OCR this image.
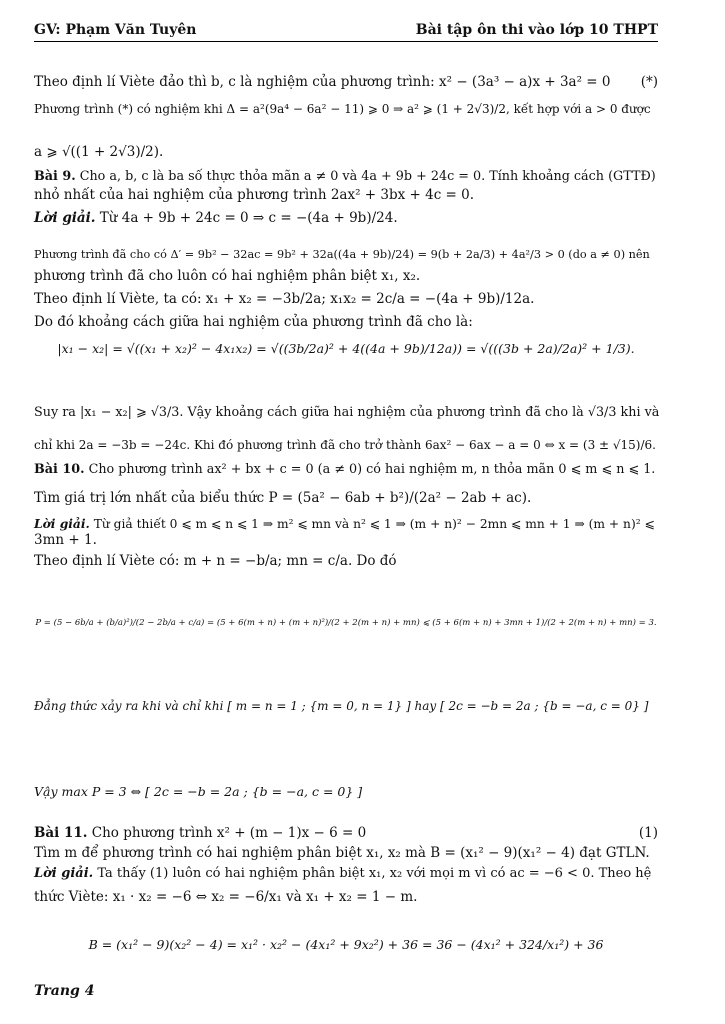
GV: Phạm Văn Tuyên	Bài tập ôn thi vào lớp 10 THPT
Theo định lí Viète đảo thì b, c là nghiệm của phương trình: x² − (3a³ − a)x + 3a² = 0 (*)
Phương trình (*) có nghiệm khi Δ = a²(9a⁴ − 6a² − 11) ⩾ 0 ⇒ a² ⩾ (1 + 2√3)/2, kết hợp với a > 0 được
a ⩾ √((1 + 2√3)/2).
Bài 9. Cho a, b, c là ba số thực thỏa mãn a ≠ 0 và 4a + 9b + 24c = 0. Tính khoảng cách (GTTĐ)
nhỏ nhất của hai nghiệm của phương trình 2ax² + 3bx + 4c = 0.
Lời giải. Từ 4a + 9b + 24c = 0 ⇒ c = −(4a + 9b)/24.
Phương trình đã cho có Δ′ = 9b² − 32ac = 9b² + 32a((4a + 9b)/24) = 9(b + 2a/3) + 4a²/3 > 0 (do a ≠ 0) nên
phương trình đã cho luôn có hai nghiệm phân biệt x₁, x₂.
Theo định lí Viète, ta có: x₁ + x₂ = −3b/2a; x₁x₂ = 2c/a = −(4a + 9b)/12a.
Do đó khoảng cách giữa hai nghiệm của phương trình đã cho là:
|x₁ − x₂| = √((x₁ + x₂)² − 4x₁x₂) = √((3b/2a)² + 4((4a + 9b)/12a)) = √(((3b + 2a)/2a)² + 1/3).
Suy ra |x₁ − x₂| ⩾ √3/3. Vậy khoảng cách giữa hai nghiệm của phương trình đã cho là √3/3 khi và
chỉ khi 2a = −3b = −24c. Khi đó phương trình đã cho trở thành 6ax² − 6ax − a = 0 ⇔ x = (3 ± √15)/6.
Bài 10. Cho phương trình ax² + bx + c = 0 (a ≠ 0) có hai nghiệm m, n thỏa mãn 0 ⩽ m ⩽ n ⩽ 1.
Tìm giá trị lớn nhất của biểu thức P = (5a² − 6ab + b²)/(2a² − 2ab + ac).
Lời giải. Từ giả thiết 0 ⩽ m ⩽ n ⩽ 1 ⇒ m² ⩽ mn và n² ⩽ 1 ⇒ (m + n)² − 2mn ⩽ mn + 1 ⇒ (m + n)² ⩽
3mn + 1.
Theo định lí Viète có: m + n = −b/a; mn = c/a. Do đó
P = (5 − 6b/a + (b/a)²)/(2 − 2b/a + c/a) = (5 + 6(m + n) + (m + n)²)/(2 + 2(m + n) + mn) ⩽ (5 + 6(m + n) + 3mn + 1)/(2 + 2(m + n) + mn) = 3.
Đẳng thức xảy ra khi và chỉ khi [ m = n = 1 ; {m = 0, n = 1} ] hay [ 2c = −b = 2a ; {b = −a, c = 0} ]
Vậy max P = 3 ⇔ [ 2c = −b = 2a ; {b = −a, c = 0} ]
Bài 11. Cho phương trình x² + (m − 1)x − 6 = 0	(1)
Tìm m để phương trình có hai nghiệm phân biệt x₁, x₂ mà B = (x₁² − 9)(x₁² − 4) đạt GTLN.
Lời giải. Ta thấy (1) luôn có hai nghiệm phân biệt x₁, x₂ với mọi m vì có ac = −6 < 0. Theo hệ
thức Viète: x₁ · x₂ = −6 ⇔ x₂ = −6/x₁ và x₁ + x₂ = 1 − m.
B = (x₁² − 9)(x₂² − 4) = x₁² · x₂² − (4x₁² + 9x₂²) + 36 = 36 − (4x₁² + 324/x₁²) + 36
Trang 4
